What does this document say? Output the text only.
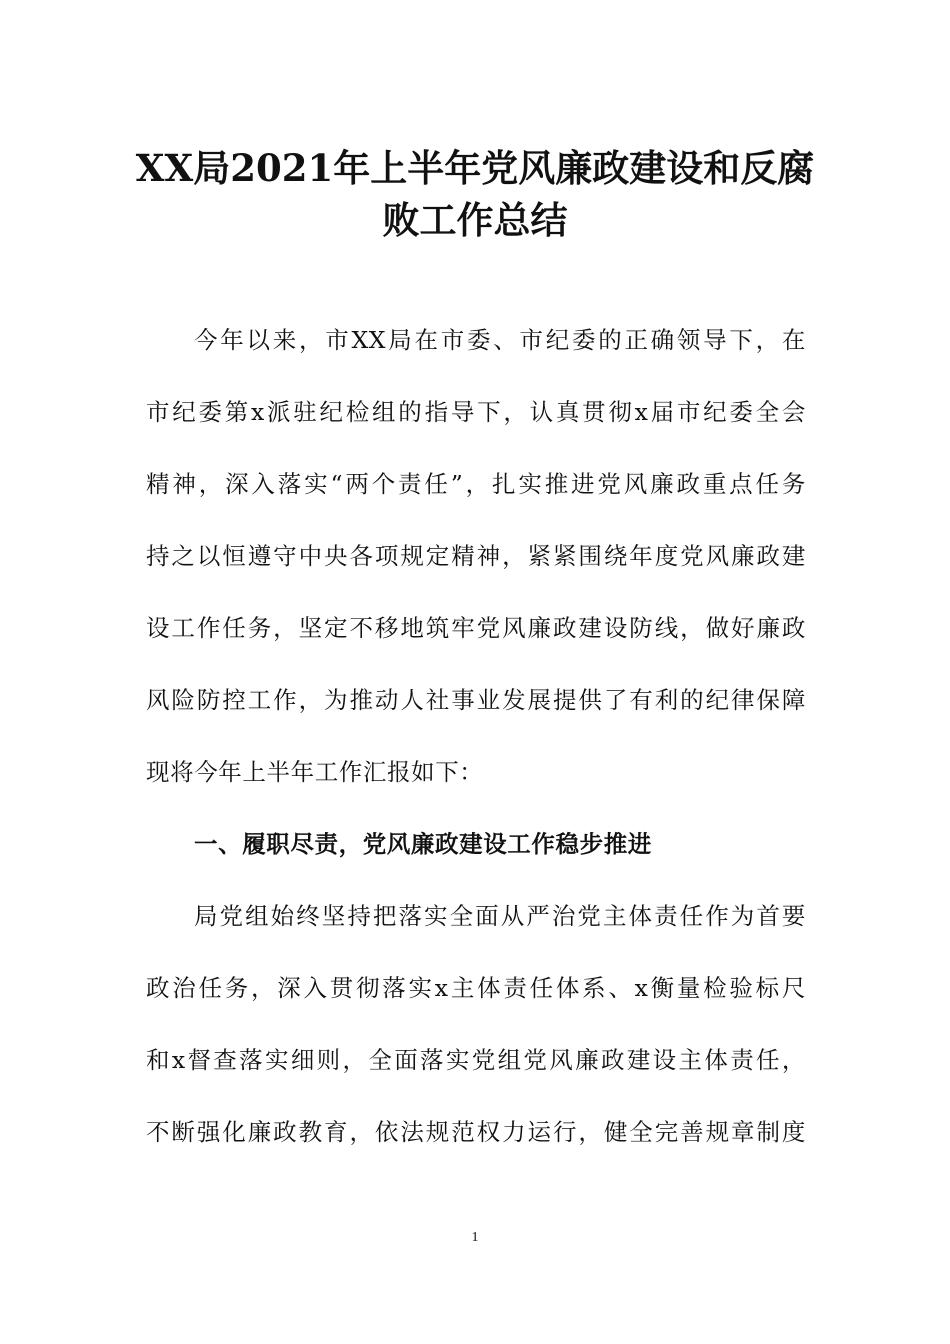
XX局2021年上半年党风廉政建设和反腐
败工作总结

今年以来，市XX局在市委、市纪委的正确领导下，在

市纪委第x派驻纪检组的指导下，认真贯彻x届市纪委全会

精神，深入落实“两个责任”，扎实推进党风廉政重点任务

持之以恒遵守中央各项规定精神，紧紧围绕年度党风廉政建

设工作任务，坚定不移地筑牢党风廉政建设防线，做好廉政

风险防控工作，为推动人社事业发展提供了有利的纪律保障

现将今年上半年工作汇报如下：

一、履职尽责，党风廉政建设工作稳步推进

局党组始终坚持把落实全面从严治党主体责任作为首要

政治任务，深入贯彻落实x主体责任体系、x衡量检验标尺

和x督查落实细则，全面落实党组党风廉政建设主体责任，

不断强化廉政教育，依法规范权力运行，健全完善规章制度

1
